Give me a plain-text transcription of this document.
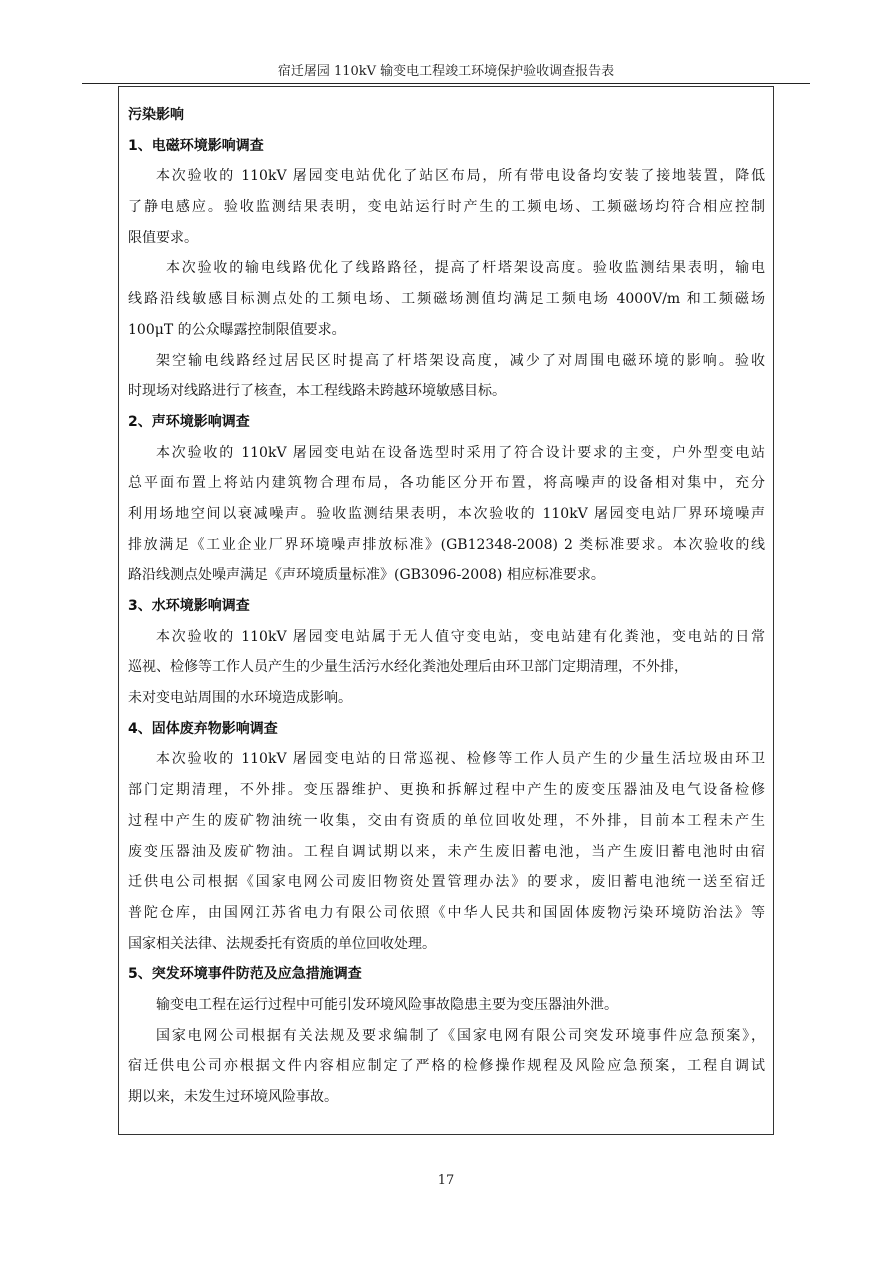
宿迁屠园 110kV 输变电工程竣工环境保护验收调查报告表
污染影响
1、电磁环境影响调查
本次验收的 110kV 屠园变电站优化了站区布局，所有带电设备均安装了接地装置，降低
了静电感应。验收监测结果表明，变电站运行时产生的工频电场、工频磁场均符合相应控制
限值要求。
本次验收的输电线路优化了线路路径，提高了杆塔架设高度。验收监测结果表明，输电
线路沿线敏感目标测点处的工频电场、工频磁场测值均满足工频电场 4000V/m 和工频磁场
100μT 的公众曝露控制限值要求。
架空输电线路经过居民区时提高了杆塔架设高度，减少了对周围电磁环境的影响。验收
时现场对线路进行了核查，本工程线路未跨越环境敏感目标。
2、声环境影响调查
本次验收的 110kV 屠园变电站在设备选型时采用了符合设计要求的主变，户外型变电站
总平面布置上将站内建筑物合理布局，各功能区分开布置，将高噪声的设备相对集中，充分
利用场地空间以衰减噪声。验收监测结果表明，本次验收的 110kV 屠园变电站厂界环境噪声
排放满足《工业企业厂界环境噪声排放标准》(GB12348-2008) 2 类标准要求。本次验收的线
路沿线测点处噪声满足《声环境质量标准》(GB3096-2008) 相应标准要求。
3、水环境影响调查
本次验收的 110kV 屠园变电站属于无人值守变电站，变电站建有化粪池，变电站的日常
巡视、检修等工作人员产生的少量生活污水经化粪池处理后由环卫部门定期清理，不外排，
未对变电站周围的水环境造成影响。
4、固体废弃物影响调查
本次验收的 110kV 屠园变电站的日常巡视、检修等工作人员产生的少量生活垃圾由环卫
部门定期清理，不外排。变压器维护、更换和拆解过程中产生的废变压器油及电气设备检修
过程中产生的废矿物油统一收集，交由有资质的单位回收处理，不外排，目前本工程未产生
废变压器油及废矿物油。工程自调试期以来，未产生废旧蓄电池，当产生废旧蓄电池时由宿
迁供电公司根据《国家电网公司废旧物资处置管理办法》的要求，废旧蓄电池统一送至宿迁
普陀仓库，由国网江苏省电力有限公司依照《中华人民共和国固体废物污染环境防治法》等
国家相关法律、法规委托有资质的单位回收处理。
5、突发环境事件防范及应急措施调查
输变电工程在运行过程中可能引发环境风险事故隐患主要为变压器油外泄。
国家电网公司根据有关法规及要求编制了《国家电网有限公司突发环境事件应急预案》，
宿迁供电公司亦根据文件内容相应制定了严格的检修操作规程及风险应急预案，工程自调试
期以来，未发生过环境风险事故。
17
